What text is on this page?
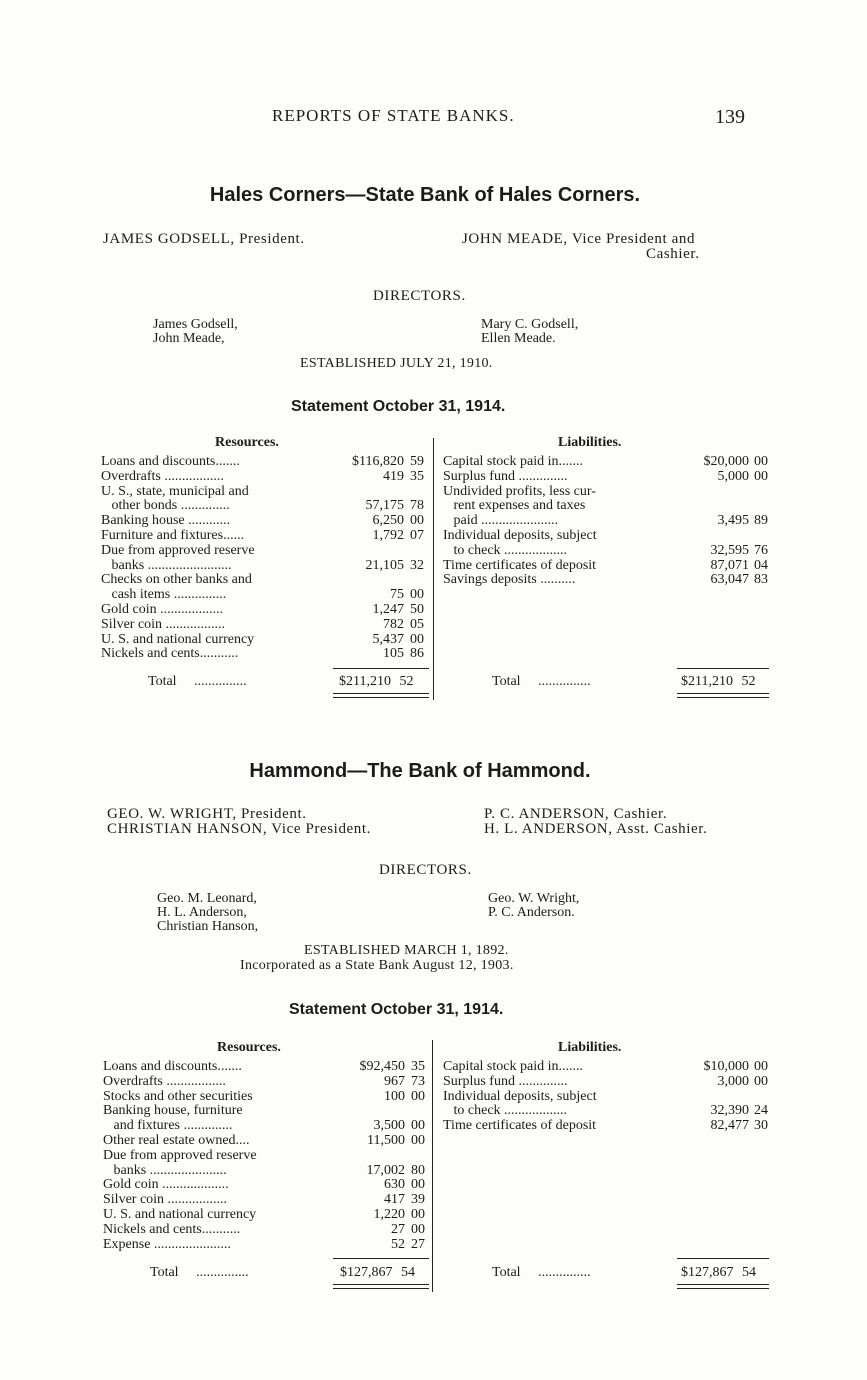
REPORTS OF STATE BANKS.	139
Hales Corners—State Bank of Hales Corners.
JAMES GODSELL, President.	JOHN MEADE, Vice President and
Cashier.
DIRECTORS.
James Godsell,
John Meade,
Mary C. Godsell,
Ellen Meade.
ESTABLISHED JULY 21, 1910.
Statement October 31, 1914.
Resources.	Liabilities.
Loans and discounts.......	$116,820 59
Overdrafts .................	419 35
U. S., state, municipal and
other bonds ..............	57,175 78
Banking house ............	6,250 00
Furniture and fixtures......	1,792 07
Due from approved reserve
banks ........................	21,105 32
Checks on other banks and
cash items ...............	75 00
Gold coin ..................	1,247 50
Silver coin .................	782 05
U. S. and national currency	5,437 00
Nickels and cents...........	105 86
Capital stock paid in.......	$20,000 00
Surplus fund ..............	5,000 00
Undivided profits, less cur-
rent expenses and taxes
paid ......................	3,495 89
Individual deposits, subject
to check ..................	32,595 76
Time certificates of deposit	87,071 04
Savings deposits ..........	63,047 83
Total ...............	$211,210 52	Total ...............	$211,210 52
Hammond—The Bank of Hammond.
GEO. W. WRIGHT, President.
CHRISTIAN HANSON, Vice President.
P. C. ANDERSON, Cashier.
H. L. ANDERSON, Asst. Cashier.
DIRECTORS.
Geo. M. Leonard,
H. L. Anderson,
Christian Hanson,
Geo. W. Wright,
P. C. Anderson.
ESTABLISHED MARCH 1, 1892.
Incorporated as a State Bank August 12, 1903.
Statement October 31, 1914.
Resources.	Liabilities.
Loans and discounts.......	$92,450 35
Overdrafts .................	967 73
Stocks and other securities	100 00
Banking house, furniture
and fixtures ..............	3,500 00
Other real estate owned....	11,500 00
Due from approved reserve
banks ......................	17,002 80
Gold coin ...................	630 00
Silver coin .................	417 39
U. S. and national currency	1,220 00
Nickels and cents...........	27 00
Expense ......................	52 27
Capital stock paid in.......	$10,000 00
Surplus fund ..............	3,000 00
Individual deposits, subject
to check ..................	32,390 24
Time certificates of deposit	82,477 30
Total ...............	$127,867 54	Total ...............	$127,867 54
